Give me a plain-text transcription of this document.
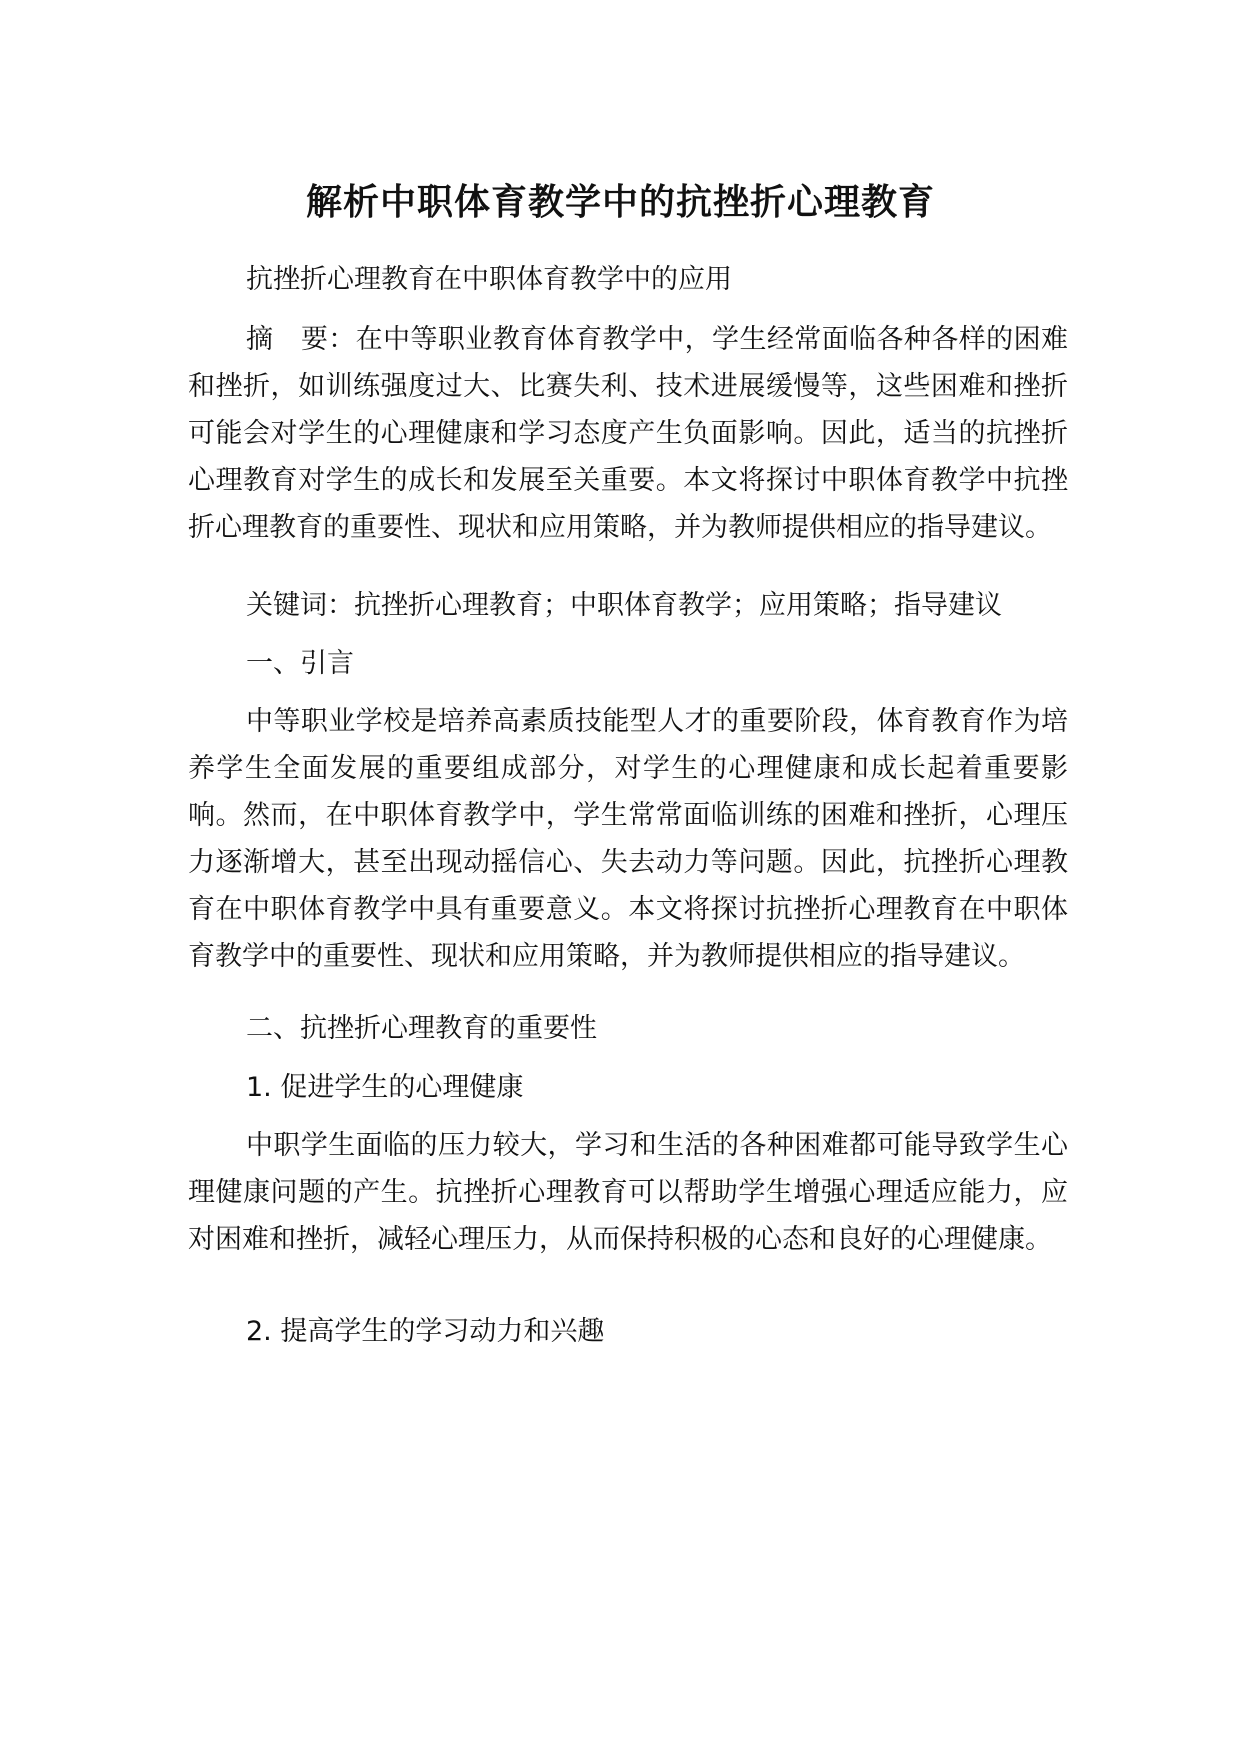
解析中职体育教学中的抗挫折心理教育

抗挫折心理教育在中职体育教学中的应用

摘　要：在中等职业教育体育教学中，学生经常面临各种各样的困难和挫折，如训练强度过大、比赛失利、技术进展缓慢等，这些困难和挫折可能会对学生的心理健康和学习态度产生负面影响。因此，适当的抗挫折心理教育对学生的成长和发展至关重要。本文将探讨中职体育教学中抗挫折心理教育的重要性、现状和应用策略，并为教师提供相应的指导建议。

关键词：抗挫折心理教育；中职体育教学；应用策略；指导建议

一、引言

中等职业学校是培养高素质技能型人才的重要阶段，体育教育作为培养学生全面发展的重要组成部分，对学生的心理健康和成长起着重要影响。然而，在中职体育教学中，学生常常面临训练的困难和挫折，心理压力逐渐增大，甚至出现动摇信心、失去动力等问题。因此，抗挫折心理教育在中职体育教学中具有重要意义。本文将探讨抗挫折心理教育在中职体育教学中的重要性、现状和应用策略，并为教师提供相应的指导建议。

二、抗挫折心理教育的重要性

1. 促进学生的心理健康

中职学生面临的压力较大，学习和生活的各种困难都可能导致学生心理健康问题的产生。抗挫折心理教育可以帮助学生增强心理适应能力，应对困难和挫折，减轻心理压力，从而保持积极的心态和良好的心理健康。

2. 提高学生的学习动力和兴趣
